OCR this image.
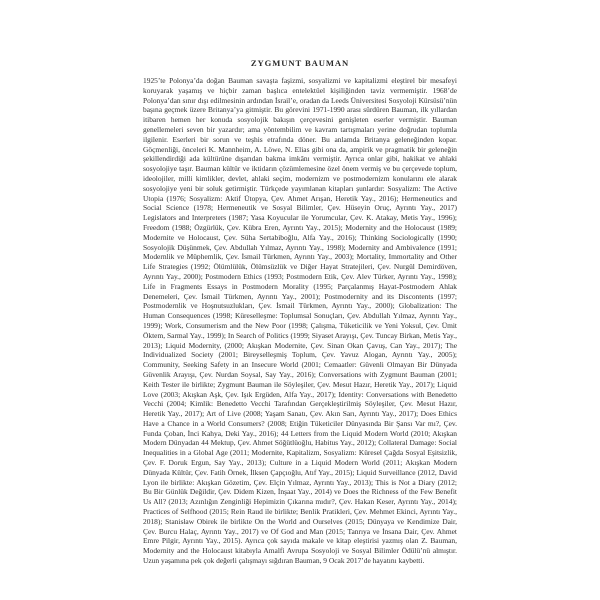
ZYGMUNT BAUMAN

1925’te Polonya’da doğan Bauman savaşta faşizmi, sosyalizmi ve kapitalizmi eleştirel bir mesafeyi koruyarak yaşamış ve hiçbir zaman başlıca entelektüel kişiliğinden taviz vermemiştir. 1968’de Polonya’dan sınır dışı edilmesinin ardından İsrail’e, oradan da Leeds Üniversitesi Sosyoloji Kürsüsü’nün başına geçmek üzere Britanya’ya gitmiştir. Bu görevini 1971-1990 arası sürdüren Bauman, ilk yıllardan itibaren hemen her konuda sosyolojik bakışın çerçevesini genişleten eserler vermiştir. Bauman genellemeleri seven bir yazardır; ama yöntembilim ve kavram tartışmaları yerine doğrudan toplumla ilgilenir. Eserleri bir sorun ve teşhis etrafında döner. Bu anlamda Britanya geleneğinden kopar. Göçmenliği, önceleri K. Mannheim, A. Löwe, N. Elias gibi ona da, ampirik ve pragmatik bir geleneğin şekillendirdiği ada kültürüne dışarıdan bakma imkânı vermiştir. Ayrıca onlar gibi, hakikat ve ahlaki sosyolojiye taşır. Bauman kültür ve iktidarın çözümlemesine özel önem vermiş ve bu çerçevede toplum, ideolojiler, milli kimlikler, devlet, ahlaki seçim, modernizm ve postmodernizm konularını ele alarak sosyolojiye yeni bir soluk getirmiştir. Türkçede yayımlanan kitapları şunlardır: Sosyalizm: The Active Utopia (1976; Sosyalizm: Aktif Ütopya, Çev. Ahmet Arışan, Heretik Yay., 2016); Hermeneutics and Social Science (1978; Hermeneutik ve Sosyal Bilimler, Çev. Hüseyin Oruç, Ayrıntı Yay., 2017) Legislators and Interpreters (1987; Yasa Koyucular ile Yorumcular, Çev. K. Atakay, Metis Yay., 1996); Freedom (1988; Özgürlük, Çev. Kübra Eren, Ayrıntı Yay., 2015); Modernity and the Holocaust (1989; Modernite ve Holocaust, Çev. Süha Sertabiboğlu, Alfa Yay., 2016); Thinking Sociologically (1990; Sosyolojik Düşünmek, Çev. Abdullah Yılmaz, Ayrıntı Yay., 1998); Modernity and Ambivalence (1991; Modernlik ve Müphemlik, Çev. İsmail Türkmen, Ayrıntı Yay., 2003); Mortality, Immortality and Other Life Strategies (1992; Ölümlülük, Ölümsüzlük ve Diğer Hayat Stratejileri, Çev. Nurgül Demirdöven, Ayrıntı Yay., 2000); Postmodern Ethics (1993; Postmodern Etik, Çev. Alev Türker, Ayrıntı Yay., 1998); Life in Fragments Essays in Postmodern Morality (1995; Parçalanmış Hayat-Postmodern Ahlak Denemeleri, Çev. İsmail Türkmen, Ayrıntı Yay., 2001); Postmodernity and its Discontents (1997; Postmodernlik ve Hoşnutsuzlukları, Çev. İsmail Türkmen, Ayrıntı Yay., 2000); Globalization: The Human Consequences (1998; Küreselleşme: Toplumsal Sonuçları, Çev. Abdullah Yılmaz, Ayrıntı Yay., 1999); Work, Consumerism and the New Poor (1998; Çalışma, Tüketicilik ve Yeni Yoksul, Çev. Ümit Öktem, Sarmal Yay., 1999); In Search of Politics (1999; Siyaset Arayışı, Çev. Tuncay Birkan, Metis Yay., 2013); Liquid Modernity, (2000; Akışkan Modernite, Çev. Sinan Okan Çavuş, Can Yay., 2017); The Individualized Society (2001; Bireyselleşmiş Toplum, Çev. Yavuz Alogan, Ayrıntı Yay., 2005); Community, Seeking Safety in an Insecure World (2001; Cemaatler: Güvenli Olmayan Bir Dünyada Güvenlik Arayışı, Çev. Nurdan Soysal, Say Yay., 2016); Conversations with Zygmunt Bauman (2001; Keith Tester ile birlikte; Zygmunt Bauman ile Söyleşiler, Çev. Mesut Hazır, Heretik Yay., 2017); Liquid Love (2003; Akışkan Aşk, Çev. Işık Ergüden, Alfa Yay., 2017); Identity: Conversations with Benedetto Vecchi (2004; Kimlik: Benedetto Vecchi Tarafından Gerçekleştirilmiş Söyleşiler, Çev. Mesut Hazır, Heretik Yay., 2017); Art of Live (2008; Yaşam Sanatı, Çev. Akın Sarı, Ayrıntı Yay., 2017); Does Ethics Have a Chance in a World Consumers? (2008; Etiğin Tüketiciler Dünyasında Bir Şansı Var mı?, Çev. Funda Çoban, İnci Kahya, Deki Yay., 2016); 44 Letters from the Liquid Modern World (2010; Akışkan Modern Dünyadan 44 Mektup, Çev. Ahmet Söğütlüoğlu, Habitus Yay., 2012); Collateral Damage: Social Inequalities in a Global Age (2011; Modernite, Kapitalizm, Sosyalizm: Küresel Çağda Sosyal Eşitsizlik, Çev. F. Doruk Ergun, Say Yay., 2013); Culture in a Liquid Modern World (2011; Akışkan Modern Dünyada Kültür, Çev. Fatih Örnek, İlksen Çapçıoğlu, Atıf Yay., 2015); Liquid Surveillance (2012, David Lyon ile birlikte: Akışkan Gözetim, Çev. Elçin Yılmaz, Ayrıntı Yay., 2013); This is Not a Diary (2012; Bu Bir Günlük Değildir, Çev. Didem Kizen, İnşaat Yay., 2014) ve Does the Richness of the Few Benefit Us All? (2013; Azınlığın Zenginliği Hepimizin Çıkarına mıdır?, Çev. Hakan Keser, Ayrıntı Yay., 2014); Practices of Selfhood (2015; Rein Raud ile birlikte; Benlik Pratikleri, Çev. Mehmet Ekinci, Ayrıntı Yay., 2018); Stanisław Obirek ile birlikte On the World and Ourselves (2015; Dünyaya ve Kendimize Dair, Çev. Burcu Halaç, Ayrıntı Yay., 2017) ve Of God and Man (2015; Tanrıya ve İnsana Dair, Çev. Ahmet Emre Pilgir, Ayrıntı Yay., 2015). Ayrıca çok sayıda makale ve kitap eleştirisi yazmış olan Z. Bauman, Modernity and the Holocaust kitabıyla Amalfi Avrupa Sosyoloji ve Sosyal Bilimler Ödülü’nü almıştır. Uzun yaşamına pek çok değerli çalışmayı sığdıran Bauman, 9 Ocak 2017’de hayatını kaybetti.
